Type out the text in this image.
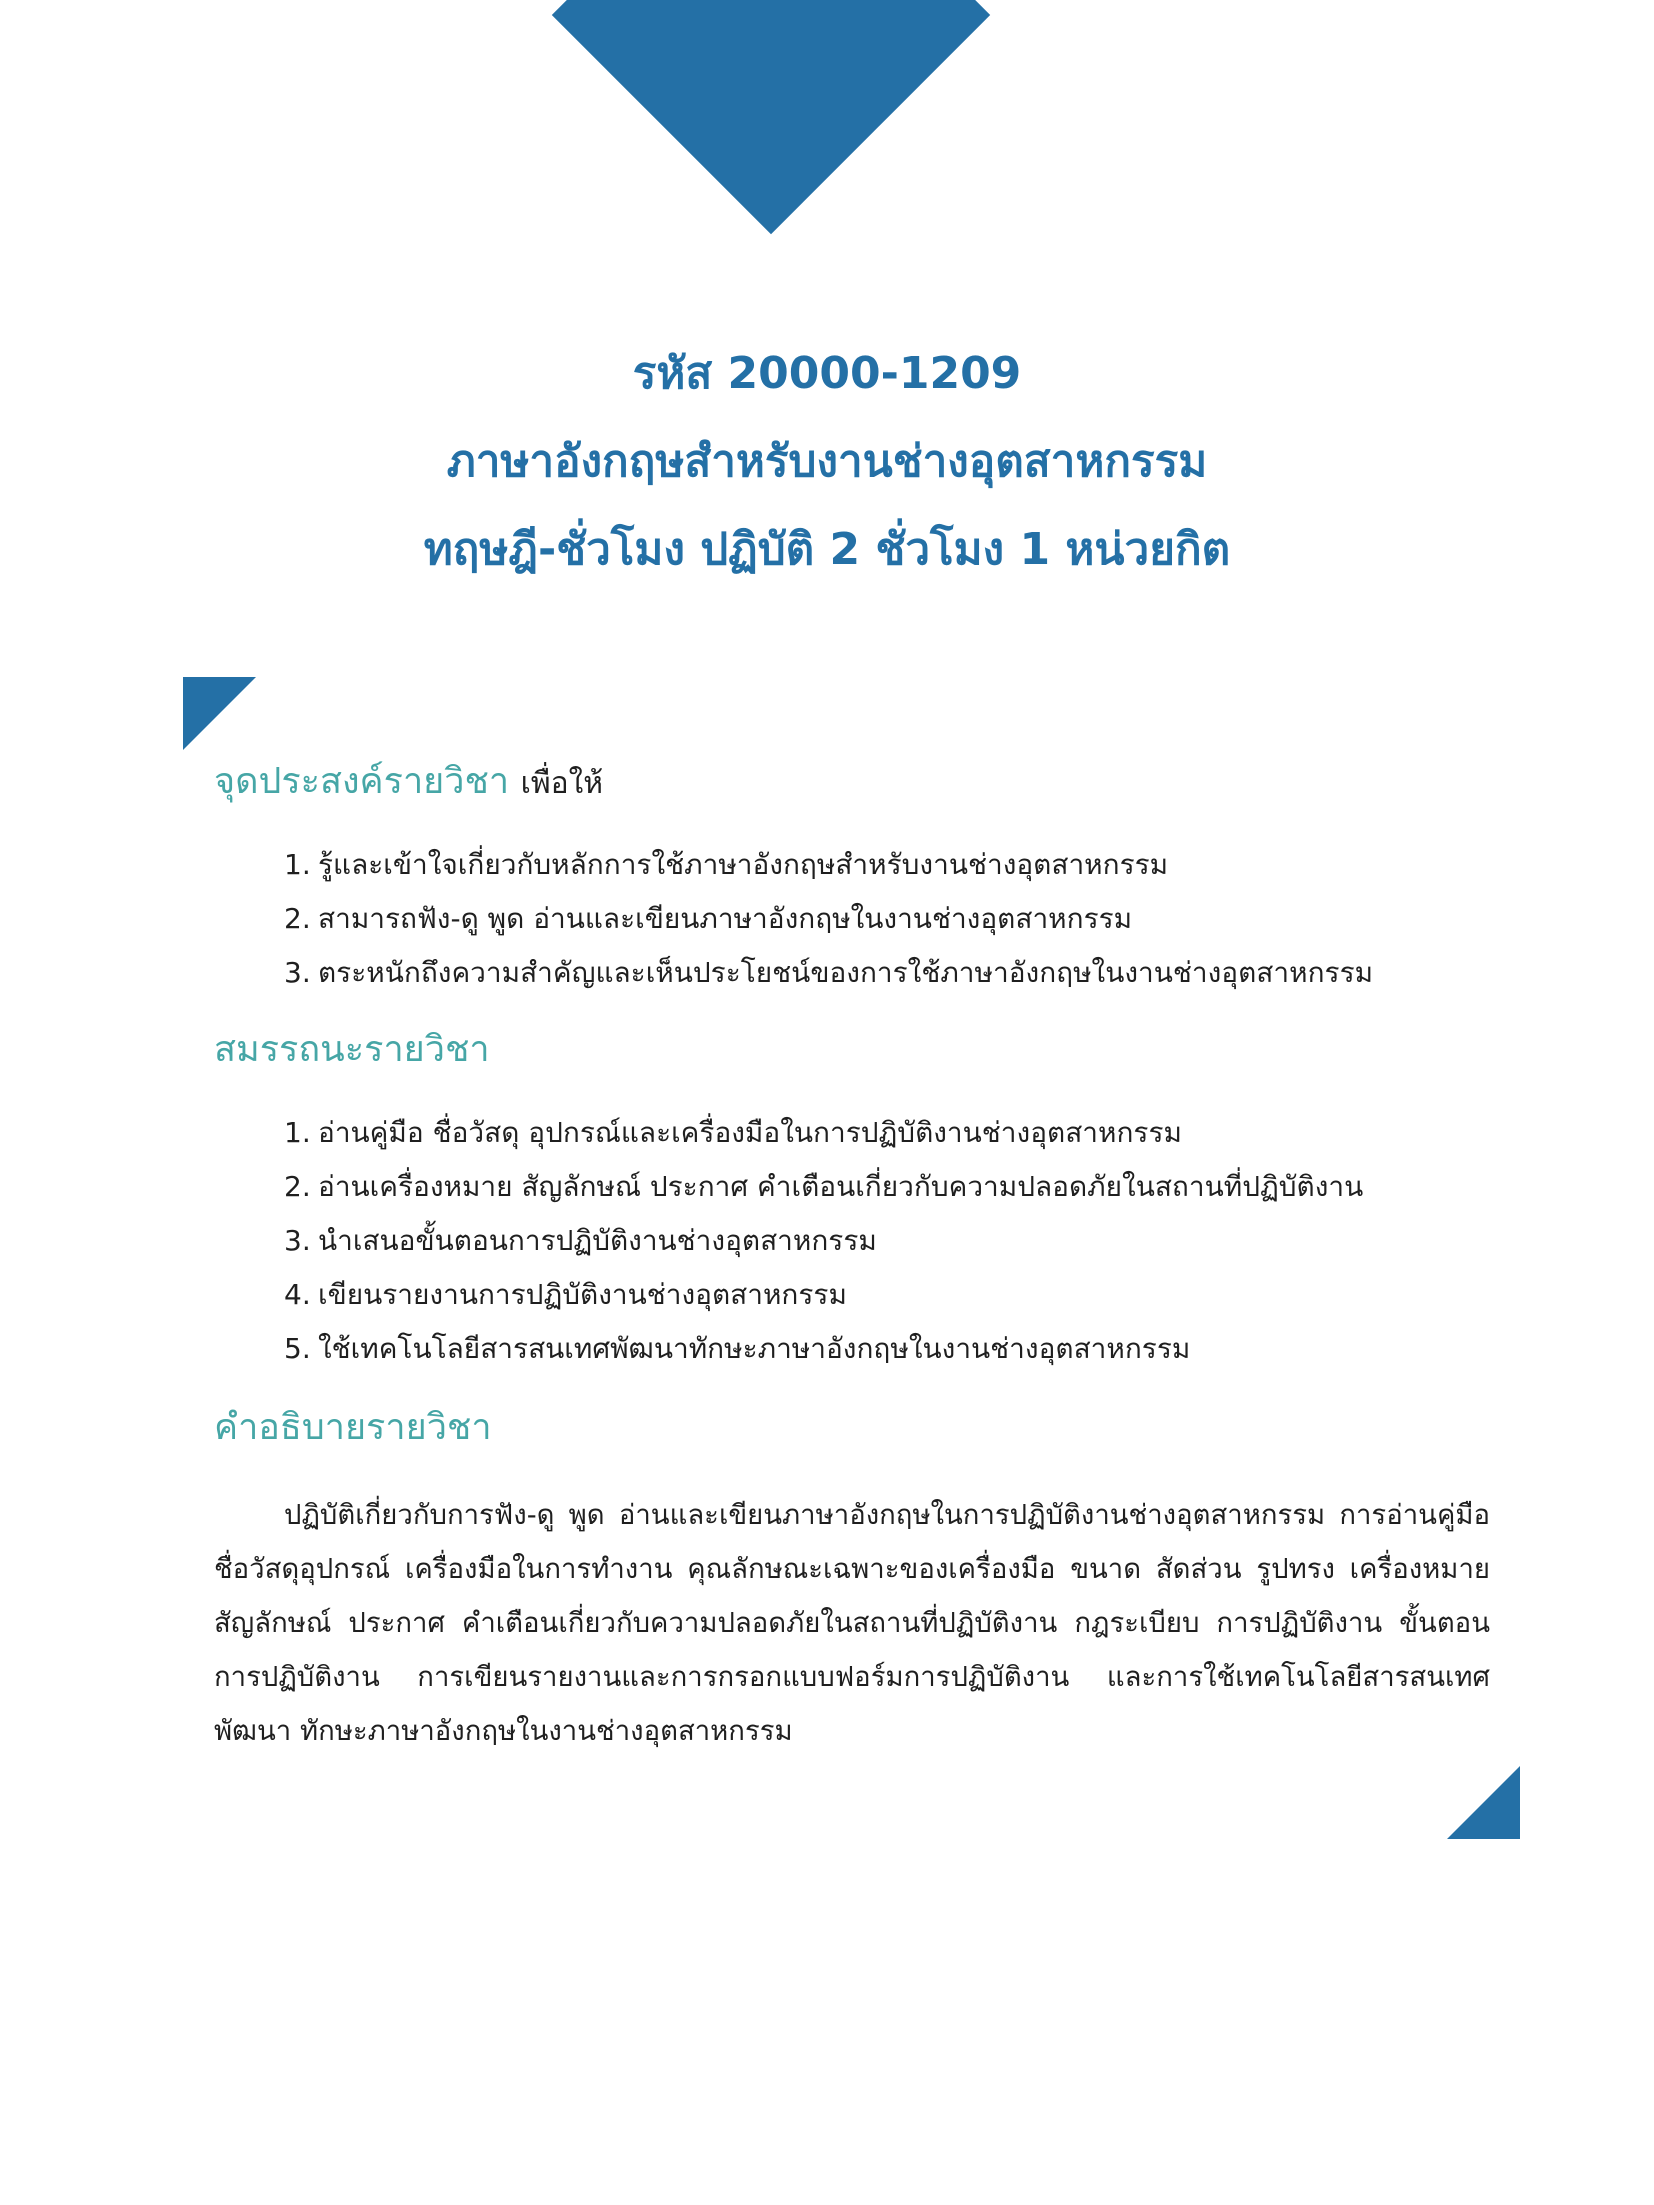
รหัส 20000-1209
ภาษาอังกฤษสำหรับงานช่างอุตสาหกรรม
ทฤษฎี-ชั่วโมง ปฏิบัติ 2 ชั่วโมง 1 หน่วยกิต
จุดประสงค์รายวิชา เพื่อให้
1. รู้และเข้าใจเกี่ยวกับหลักการใช้ภาษาอังกฤษสำหรับงานช่างอุตสาหกรรม
2. สามารถฟัง-ดู พูด อ่านและเขียนภาษาอังกฤษในงานช่างอุตสาหกรรม
3. ตระหนักถึงความสำคัญและเห็นประโยชน์ของการใช้ภาษาอังกฤษในงานช่างอุตสาหกรรม
สมรรถนะรายวิชา
1. อ่านคู่มือ ชื่อวัสดุ อุปกรณ์และเครื่องมือในการปฏิบัติงานช่างอุตสาหกรรม
2. อ่านเครื่องหมาย สัญลักษณ์ ประกาศ คำเตือนเกี่ยวกับความปลอดภัยในสถานที่ปฏิบัติงาน
3. นำเสนอขั้นตอนการปฏิบัติงานช่างอุตสาหกรรม
4. เขียนรายงานการปฏิบัติงานช่างอุตสาหกรรม
5. ใช้เทคโนโลยีสารสนเทศพัฒนาทักษะภาษาอังกฤษในงานช่างอุตสาหกรรม
คำอธิบายรายวิชา

ปฏิบัติเกี่ยวกับการฟัง-ดู พูด อ่านและเขียนภาษาอังกฤษในการปฏิบัติงานช่างอุตสาหกรรม การอ่านคู่มือ ชื่อวัสดุอุปกรณ์ เครื่องมือในการทำงาน คุณลักษณะเฉพาะของเครื่องมือ ขนาด สัดส่วน รูปทรง เครื่องหมาย สัญลักษณ์ ประกาศ คำเตือนเกี่ยวกับความปลอดภัยในสถานที่ปฏิบัติงาน กฎระเบียบ การปฏิบัติงาน ขั้นตอน การปฏิบัติงาน การเขียนรายงานและการกรอกแบบฟอร์มการปฏิบัติงาน และการใช้เทคโนโลยีสารสนเทศพัฒนา ทักษะภาษาอังกฤษในงานช่างอุตสาหกรรม
